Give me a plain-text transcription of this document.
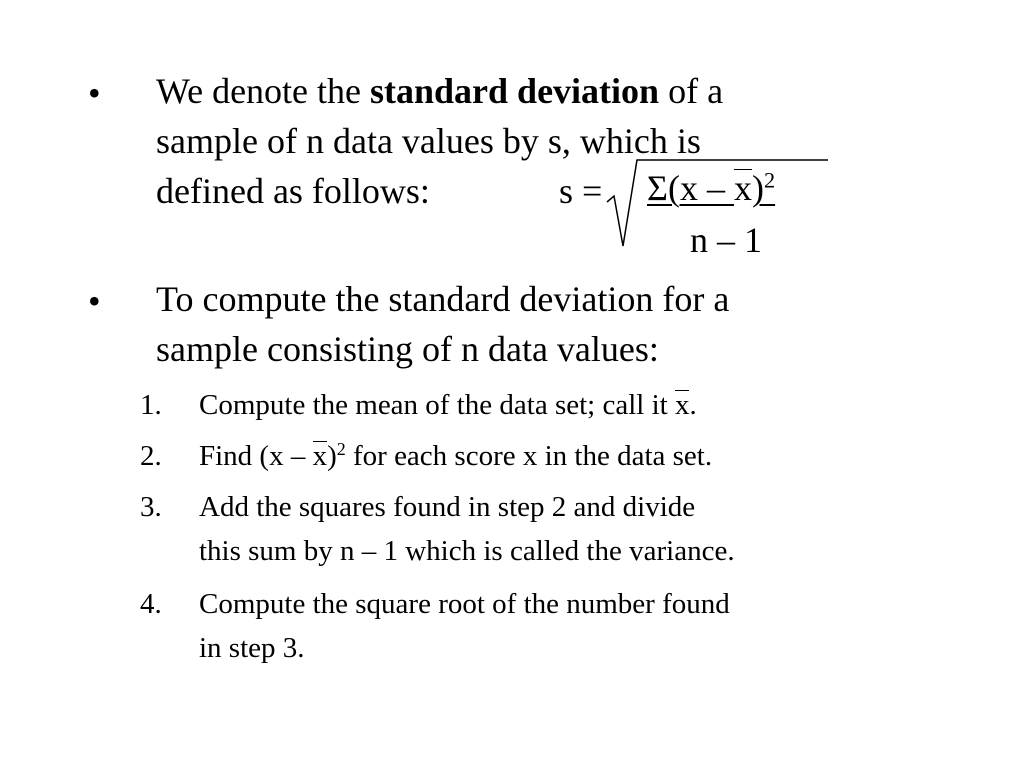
• We denote the standard deviation of a
sample of n data values by s, which is
defined as follows:	s = Σ(x – x)$^2$
n – 1
• To compute the standard deviation for a
sample consisting of n data values:
1. Compute the mean of the data set; call it x.
2. Find (x – x)$^2$ for each score x in the data set.
3. Add the squares found in step 2 and divide
this sum by n – 1 which is called the variance.
4. Compute the square root of the number found
in step 3.
